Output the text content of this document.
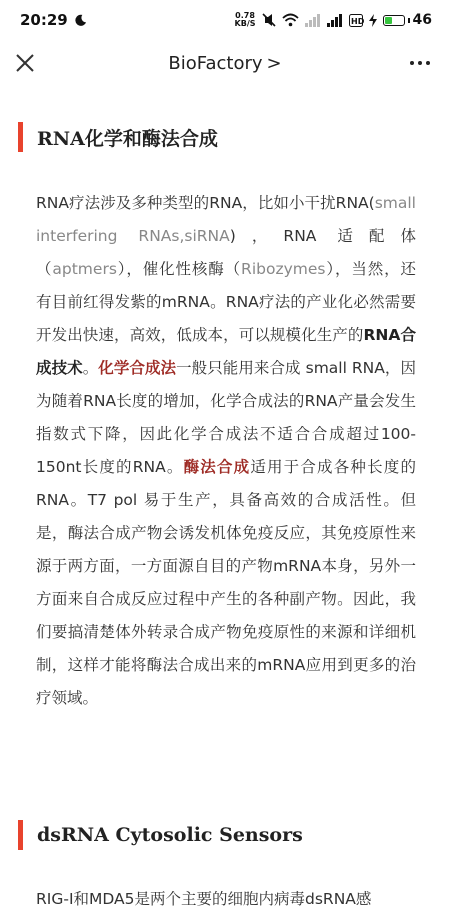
20:29	0.78
KB/S	HD	46
BioFactory >
RNA化学和酶法合成
RNA疗法涉及多种类型的RNA，比如小干扰RNA(small interfering RNAs,siRNA)，RNA 适配体（aptmers），催化性核酶（Ribozymes），当然，还有目前红得发紫的mRNA。RNA疗法的产业化必然需要开发出快速，高效，低成本，可以规模化生产的RNA合成技术。化学合成法一般只能用来合成 small RNA，因为随着RNA长度的增加，化学合成法的RNA产量会发生指数式下降，因此化学合成法不适合合成超过100-150nt长度的RNA。酶法合成适用于合成各种长度的RNA。T7 pol 易于生产，具备高效的合成活性。但是，酶法合成产物会诱发机体免疫反应，其免疫原性来源于两方面，一方面源自目的产物mRNA本身，另外一方面来自合成反应过程中产生的各种副产物。因此，我们要搞清楚体外转录合成产物免疫原性的来源和详细机制，这样才能将酶法合成出来的mRNA应用到更多的治疗领域。
dsRNA Cytosolic Sensors
RIG-I和MDA5是两个主要的细胞内病毒dsRNA感
